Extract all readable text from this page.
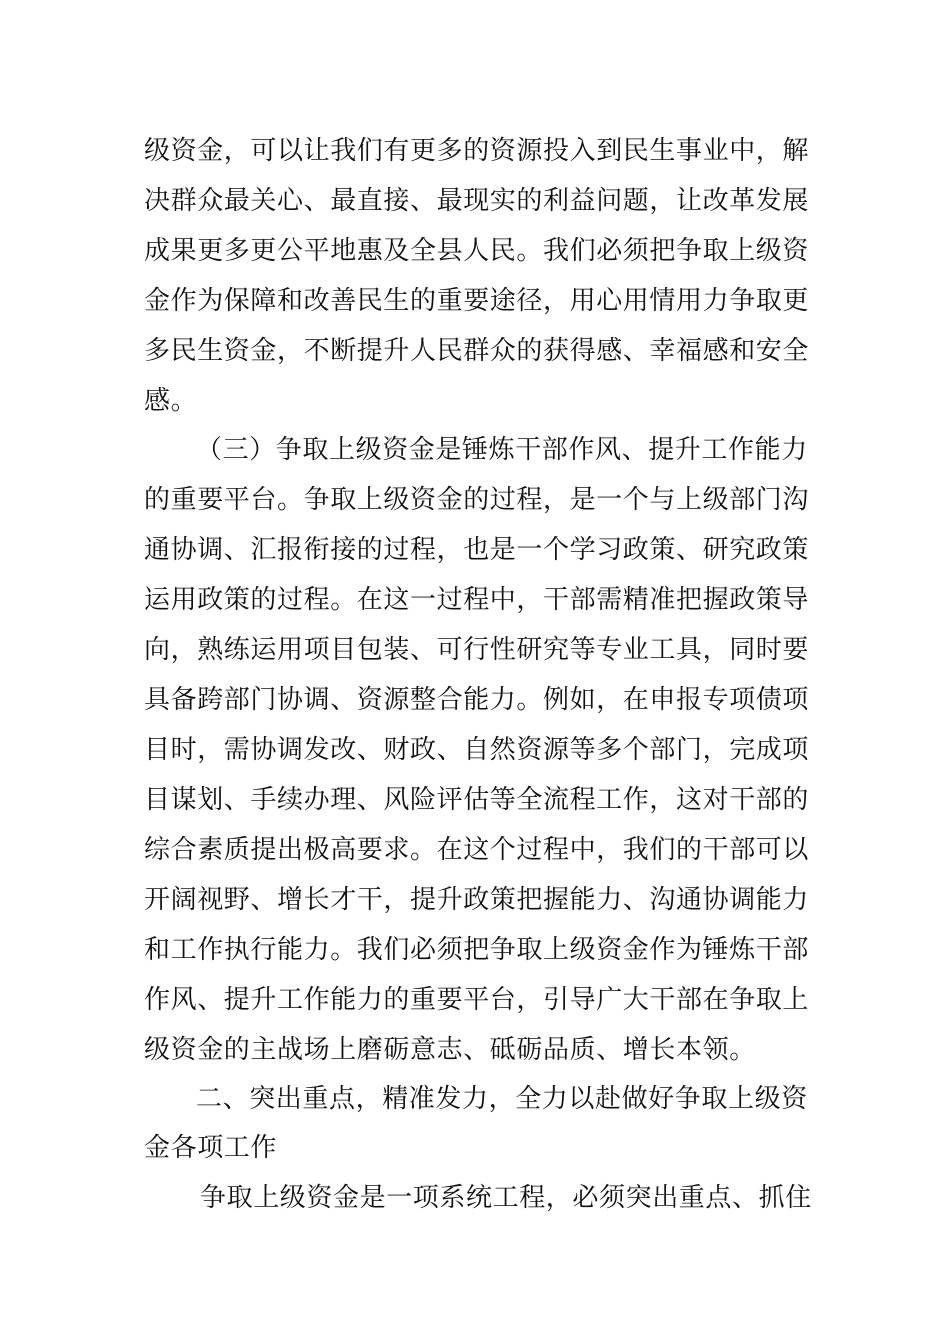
级资金，可以让我们有更多的资源投入到民生事业中，解
决群众最关心、最直接、最现实的利益问题，让改革发展
成果更多更公平地惠及全县人民。我们必须把争取上级资
金作为保障和改善民生的重要途径，用心用情用力争取更
多民生资金，不断提升人民群众的获得感、幸福感和安全
感。
（三）争取上级资金是锤炼干部作风、提升工作能力
的重要平台。争取上级资金的过程，是一个与上级部门沟
通协调、汇报衔接的过程，也是一个学习政策、研究政策
运用政策的过程。在这一过程中，干部需精准把握政策导
向，熟练运用项目包装、可行性研究等专业工具，同时要
具备跨部门协调、资源整合能力。例如，在申报专项债项
目时，需协调发改、财政、自然资源等多个部门，完成项
目谋划、手续办理、风险评估等全流程工作，这对干部的
综合素质提出极高要求。在这个过程中，我们的干部可以
开阔视野、增长才干，提升政策把握能力、沟通协调能力
和工作执行能力。我们必须把争取上级资金作为锤炼干部
作风、提升工作能力的重要平台，引导广大干部在争取上
级资金的主战场上磨砺意志、砥砺品质、增长本领。
二、突出重点，精准发力，全力以赴做好争取上级资
金各项工作
争取上级资金是一项系统工程，必须突出重点、抓住
